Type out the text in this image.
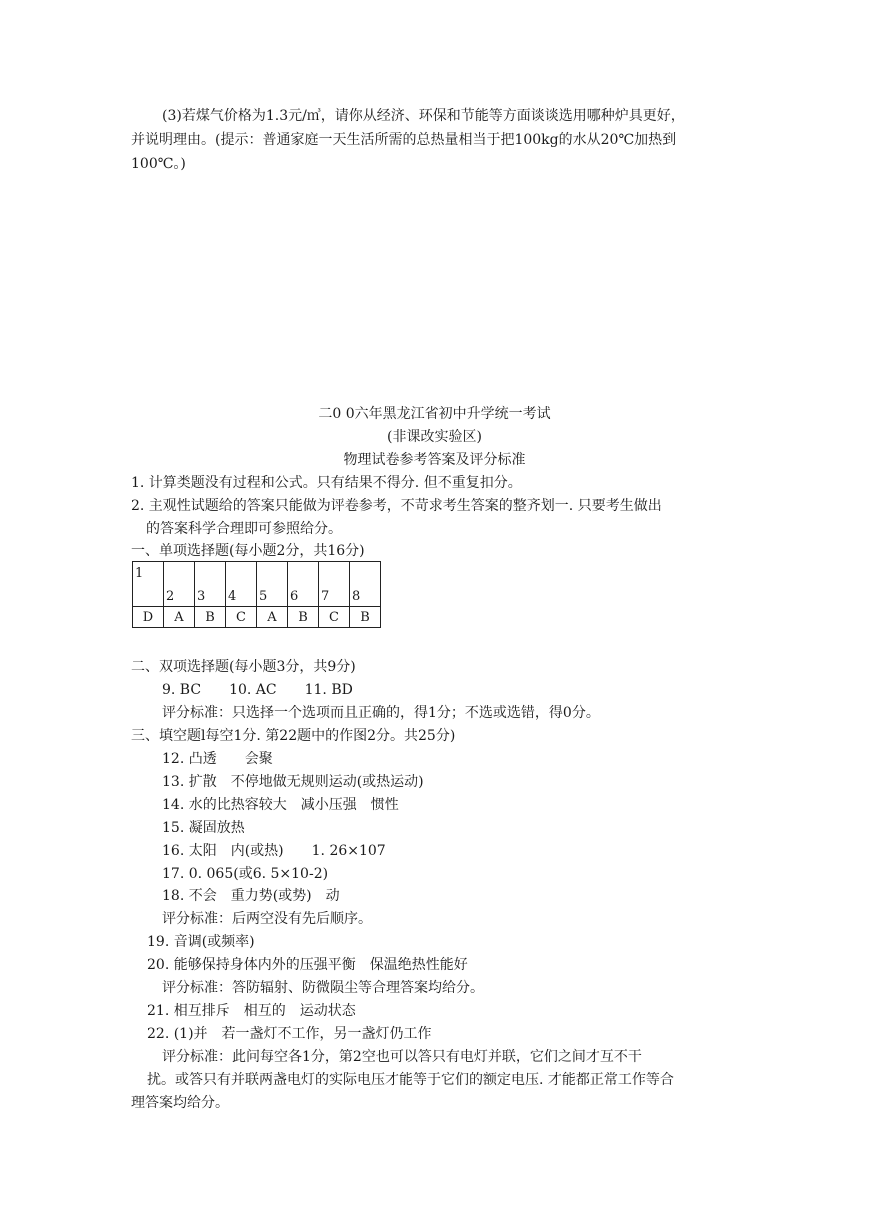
(3)若煤气价格为1.3元/㎥，请你从经济、环保和节能等方面谈谈选用哪种炉具更好，
并说明理由。(提示：普通家庭一天生活所需的总热量相当于把100kg的水从20℃加热到
100℃。)
二0 0六年黑龙江省初中升学统一考试
(非课改实验区)
物理试卷参考答案及评分标准
1. 计算类题没有过程和公式。只有结果不得分. 但不重复扣分。
2. 主观性试题给的答案只能做为评卷参考，不苛求考生答案的整齐划一. 只要考生做出
的答案科学合理即可参照给分。
一、单项选择题(每小题2分，共16分)
1	2	3	4	5	6	7	8

D	A	B	C	A	B	C	B
二、双项选择题(每小题3分，共9分)
9. BC　　10. AC　　11. BD
评分标准：只选择一个选项而且正确的，得1分；不选或选错，得0分。
三、填空题l每空1分. 第22题中的作图2分。共25分)
12. 凸透　　会聚
13. 扩散　不停地做无规则运动(或热运动)
14. 水的比热容较大　减小压强　惯性
15. 凝固放热
16. 太阳　内(或热)　　1. 26×107
17. 0. 065(或6. 5×10-2)
18. 不会　重力势(或势)　动
评分标准：后两空没有先后顺序。
19. 音调(或频率)
20. 能够保持身体内外的压强平衡　保温绝热性能好
评分标准：答防辐射、防微陨尘等合理答案均给分。
21. 相互排斥　相互的　运动状态
22. (1)并　若一盏灯不工作，另一盏灯仍工作
评分标准：此问每空各1分，第2空也可以答只有电灯并联，它们之间才互不干
扰。或答只有并联两盏电灯的实际电压才能等于它们的额定电压. 才能都正常工作等合
理答案均给分。
